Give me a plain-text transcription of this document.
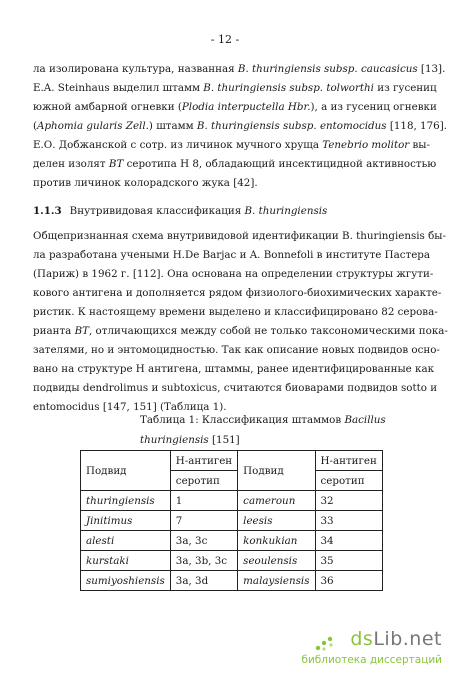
- 12 -
ла изолирована культура, названная B. thuringiensis subsp. caucasicus [13].
E.A. Steinhaus выделил штамм B. thuringiensis subsp. tolworthi из гусениц
южной амбарной огневки (Plodia interpuctella Hbr.), а из гусениц огневки
(Aphomia gularis Zell.) штамм B. thuringiensis subsp. entomocidus [118, 176].
Е.О. Добжанской с сотр. из личинок мучного хруща Tenebrio molitor вы-
делен изолят BT серотипа Н 8, обладающий инсектицидной активностью
против личинок колорадского жука [42].
1.1.3 Внутривидовая классификация B. thuringiensis
Общепризнанная схема внутривидовой идентификации B. thuringiensis бы-
ла разработана учеными H.De Barjac и A. Bonnefoli в институте Пастера
(Париж) в 1962 г. [112]. Она основана на определении структуры жгути-
кового антигена и дополняется рядом физиолого-биохимических характе-
ристик. К настоящему времени выделено и классифицировано 82 серова-
рианта BT, отличающихся между собой не только таксономическими пока-
зателями, но и энтомоцидностью. Так как описание новых подвидов осно-
вано на структуре Н антигена, штаммы, ранее идентифицированные как
подвиды dendrolimus и subtoxicus, считаются биоварами подвидов sotto и
entomocidus [147, 151] (Таблица 1).
Таблица 1: Классификация штаммов Bacillus
thuringiensis [151]
Подвид	Н-антиген	Подвид	Н-антиген
	серотип		серотип
thuringiensis	1	cameroun	32
Jinitimus	7	leesis	33
alesti	3a, 3c	konkukian	34
kurstaki	3a, 3b, 3c	seoulensis	35
sumiyoshiensis	3a, 3d	malaysiensis	36
dsLib.net
библиотека диссертаций
